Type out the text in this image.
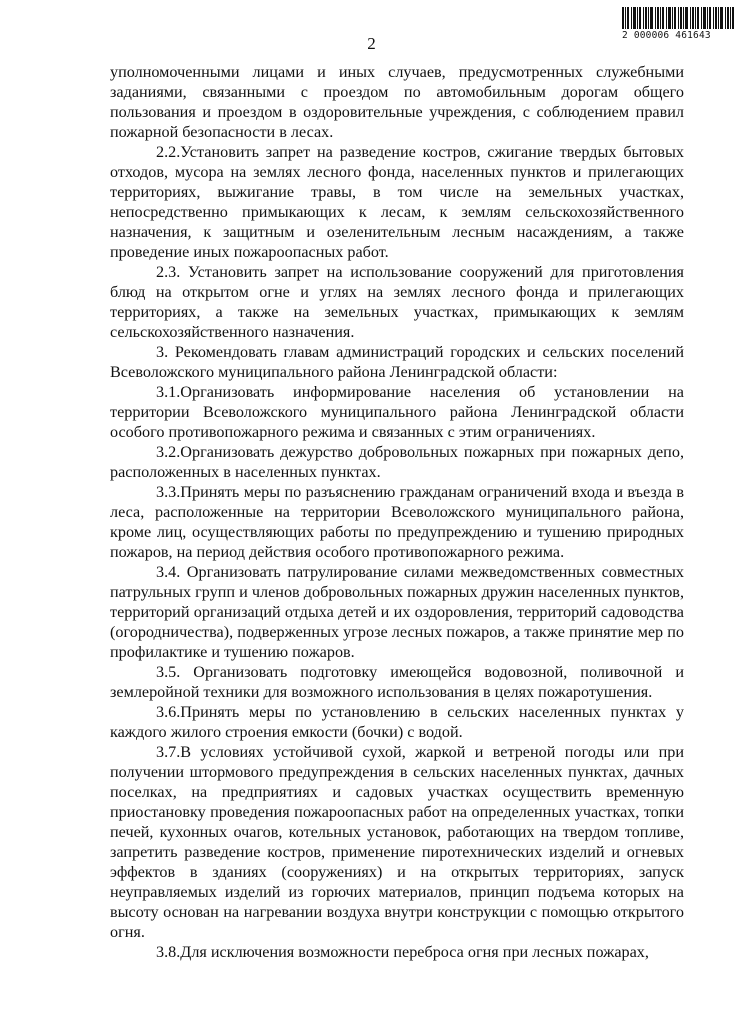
2 000006 461643
2

уполномоченными лицами и иных случаев, предусмотренных служебными заданиями, связанными с проездом по автомобильным дорогам общего пользования и проездом в оздоровительные учреждения, с соблюдением правил пожарной безопасности в лесах.

2.2.Установить запрет на разведение костров, сжигание твердых бытовых отходов, мусора на землях лесного фонда, населенных пунктов и прилегающих территориях, выжигание травы, в том числе на земельных участках, непосредственно примыкающих к лесам, к землям сельскохозяйственного назначения, к защитным и озеленительным лесным насаждениям, а также проведение иных пожароопасных работ.

2.3. Установить запрет на использование сооружений для приготовления блюд на открытом огне и углях на землях лесного фонда и прилегающих территориях, а также на земельных участках, примыкающих к землям сельскохозяйственного назначения.

3. Рекомендовать главам администраций городских и сельских поселений Всеволожского муниципального района Ленинградской области:

3.1.Организовать информирование населения об установлении на территории Всеволожского муниципального района Ленинградской области особого противопожарного режима и связанных с этим ограничениях.

3.2.Организовать дежурство добровольных пожарных при пожарных депо, расположенных в населенных пунктах.

3.3.Принять меры по разъяснению гражданам ограничений входа и въезда в леса, расположенные на территории Всеволожского муниципального района, кроме лиц, осуществляющих работы по предупреждению и тушению природных пожаров, на период действия особого противопожарного режима.

3.4. Организовать патрулирование силами межведомственных совместных патрульных групп и членов добровольных пожарных дружин населенных пунктов, территорий организаций отдыха детей и их оздоровления, территорий садоводства (огородничества), подверженных угрозе лесных пожаров, а также принятие мер по профилактике и тушению пожаров.

3.5. Организовать подготовку имеющейся водовозной, поливочной и землеройной техники для возможного использования в целях пожаротушения.

3.6.Принять меры по установлению в сельских населенных пунктах у каждого жилого строения емкости (бочки) с водой.

3.7.В условиях устойчивой сухой, жаркой и ветреной погоды или при получении штормового предупреждения в сельских населенных пунктах, дачных поселках, на предприятиях и садовых участках осуществить временную приостановку проведения пожароопасных работ на определенных участках, топки печей, кухонных очагов, котельных установок, работающих на твердом топливе, запретить разведение костров, применение пиротехнических изделий и огневых эффектов в зданиях (сооружениях) и на открытых территориях, запуск неуправляемых изделий из горючих материалов, принцип подъема которых на высоту основан на нагревании воздуха внутри конструкции с помощью открытого огня.

3.8.Для исключения возможности переброса огня при лесных пожарах,
